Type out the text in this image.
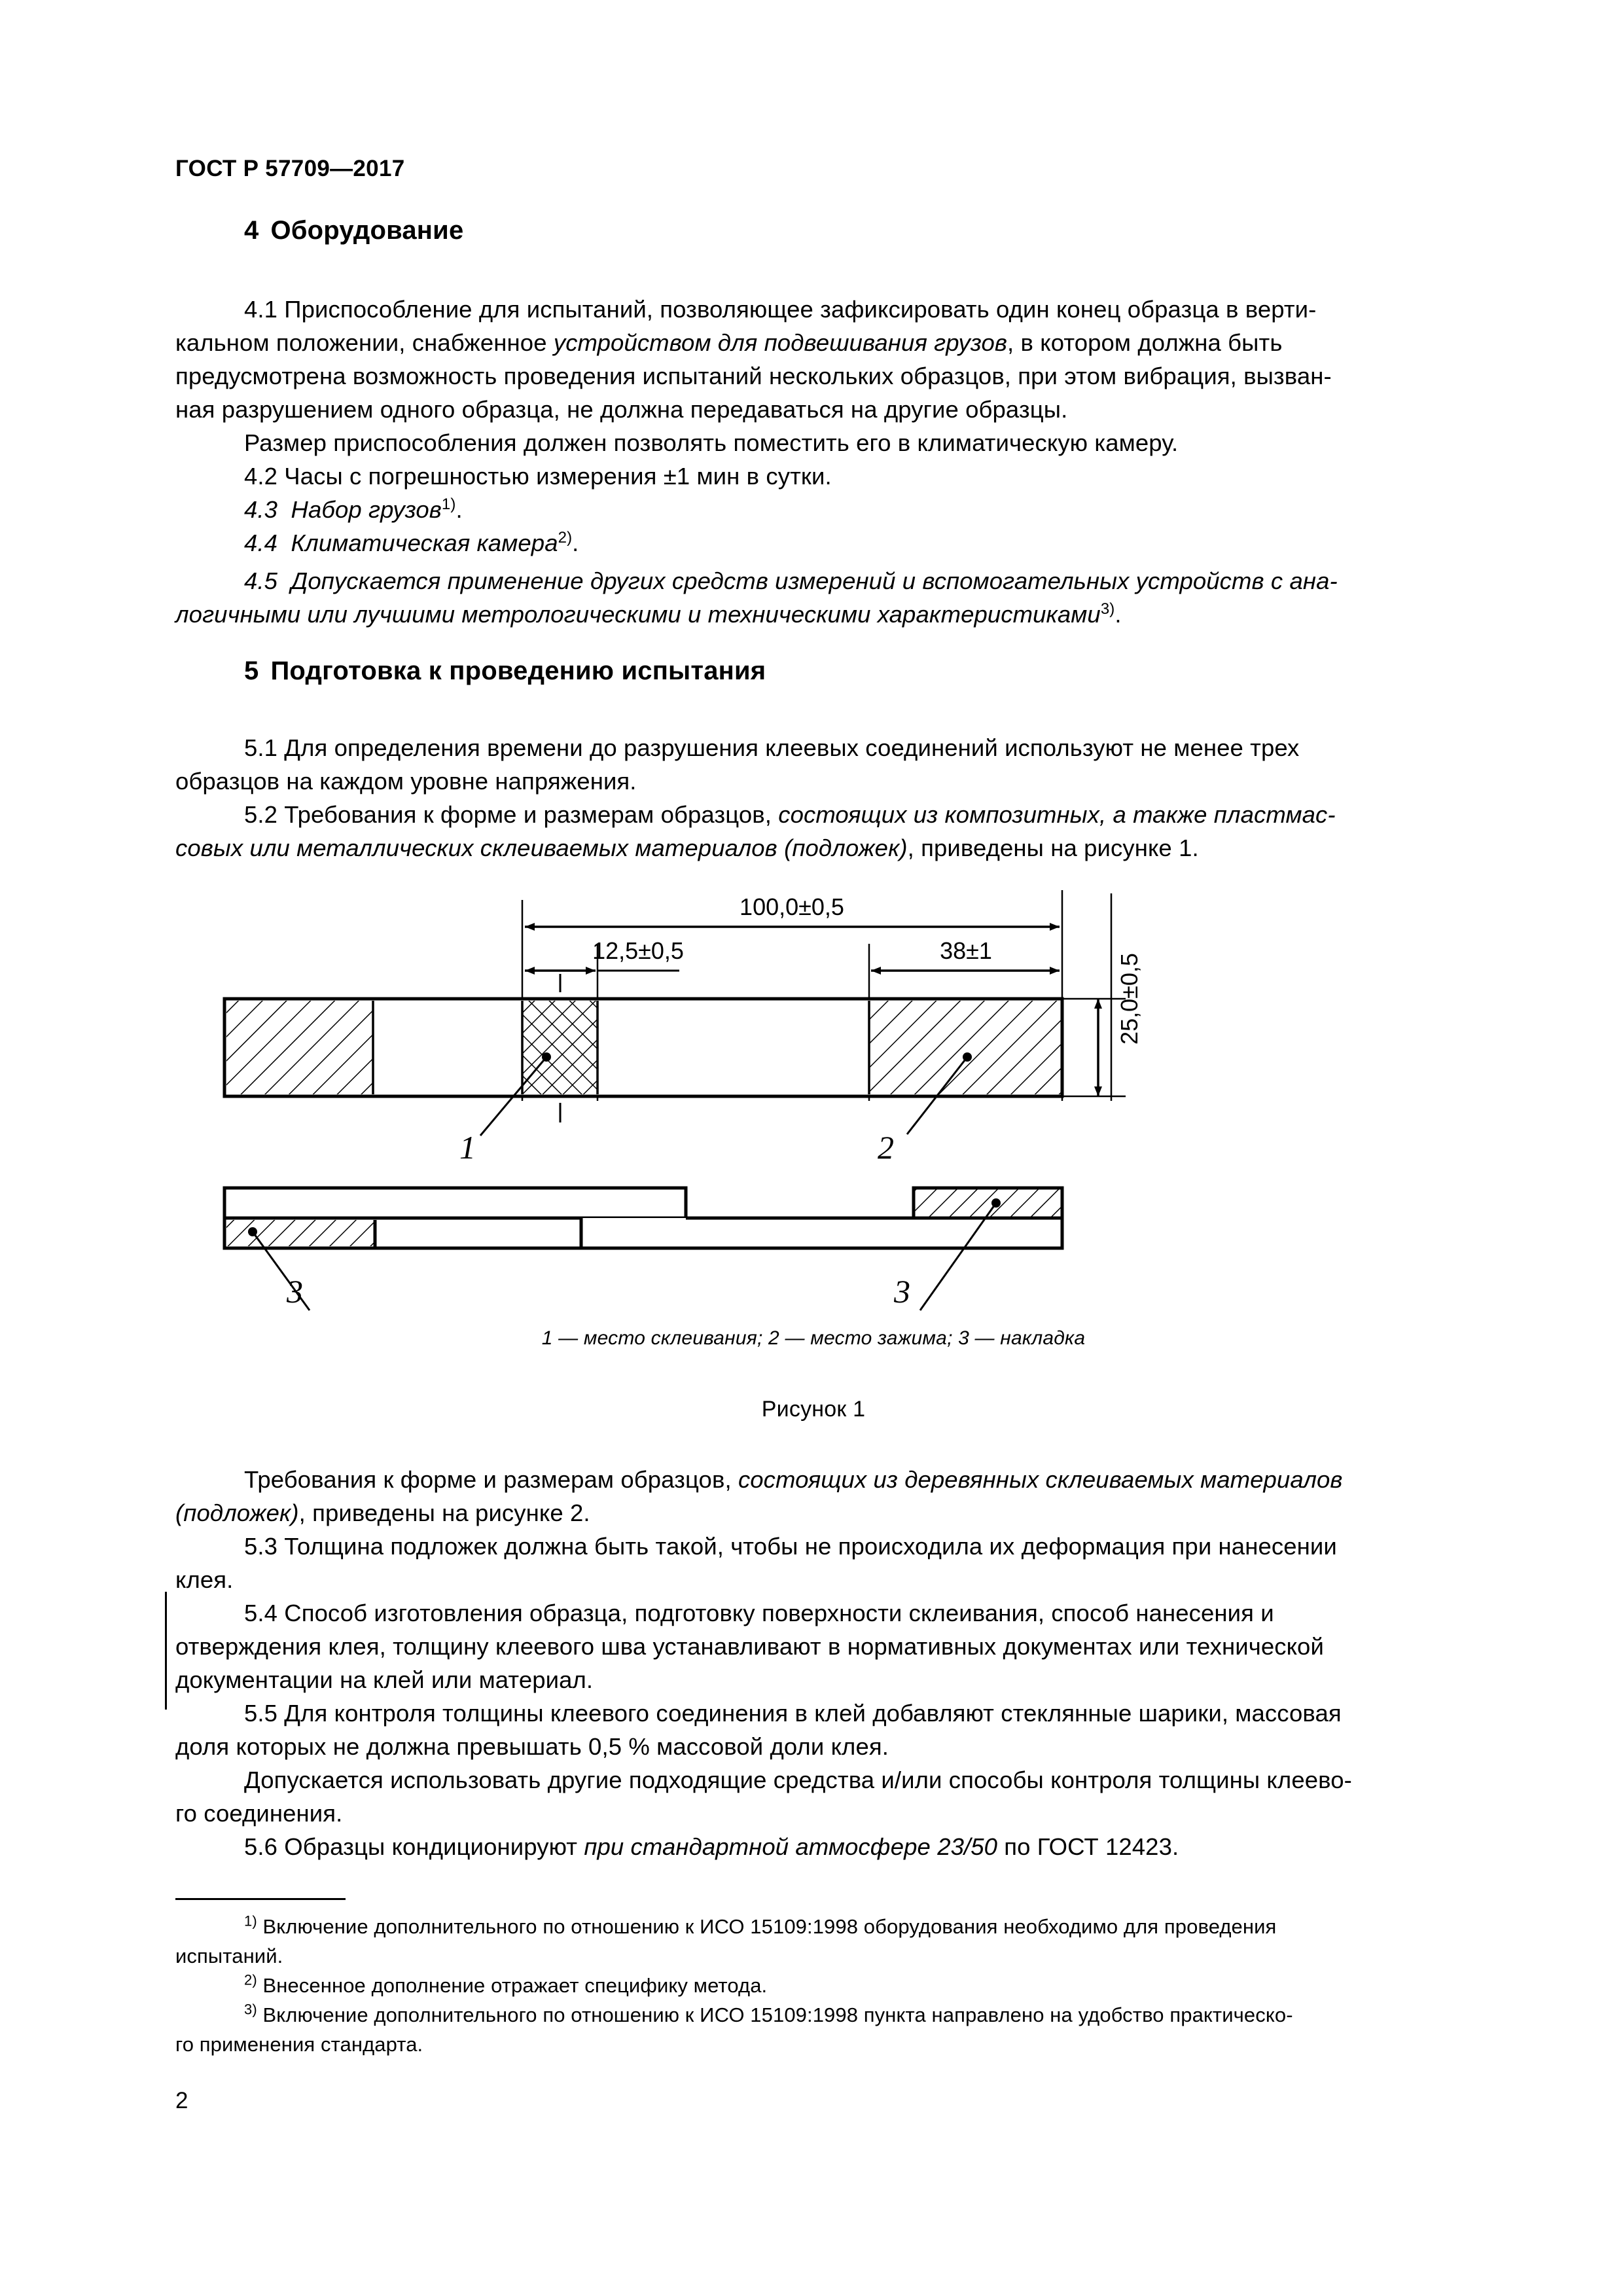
ГОСТ Р 57709—2017
4 Оборудование

4.1 Приспособление для испытаний, позволяющее зафиксировать один конец образца в верти-

кальном положении, снабженное устройством для подвешивания грузов, в котором должна быть

предусмотрена возможность проведения испытаний нескольких образцов, при этом вибрация, вызван-

ная разрушением одного образца, не должна передаваться на другие образцы.

Размер приспособления должен позволять поместить его в климатическую камеру.

4.2 Часы с погрешностью измерения ±1 мин в сутки.

4.3 Набор грузов$^{1)}$.

4.4 Климатическая камера$^{2)}$.

4.5 Допускается применение других средств измерений и вспомогательных устройств с ана-

логичными или лучшими метрологическими и техническими характеристиками$^{3)}$.

5 Подготовка к проведению испытания

5.1 Для определения времени до разрушения клеевых соединений используют не менее трех

образцов на каждом уровне напряжения.

5.2 Требования к форме и размерам образцов, состоящих из композитных, а также пластмас-

совых или металлических склеиваемых материалов (подложек), приведены на рисунке 1.

100,0±0,5
12,5±0,5	38±1
25,0±0,5
1	2
3	3
1 — место склеивания; 2 — место зажима; 3 — накладка
Рисунок 1

Требования к форме и размерам образцов, состоящих из деревянных склеиваемых материалов

(подложек), приведены на рисунке 2.

5.3 Толщина подложек должна быть такой, чтобы не происходила их деформация при нанесении

клея.

5.4 Способ изготовления образца, подготовку поверхности склеивания, способ нанесения и

отверждения клея, толщину клеевого шва устанавливают в нормативных документах или технической

документации на клей или материал.

5.5 Для контроля толщины клеевого соединения в клей добавляют стеклянные шарики, массовая

доля которых не должна превышать 0,5 % массовой доли клея.

Допускается использовать другие подходящие средства и/или способы контроля толщины клеево-

го соединения.

5.6 Образцы кондиционируют при стандартной атмосфере 23/50 по ГОСТ 12423.

$^{1)}$ Включение дополнительного по отношению к ИСО 15109:1998 оборудования необходимо для проведения

испытаний.

$^{2)}$ Внесенное дополнение отражает специфику метода.

$^{3)}$ Включение дополнительного по отношению к ИСО 15109:1998 пункта направлено на удобство практическо-

го применения стандарта.

2
